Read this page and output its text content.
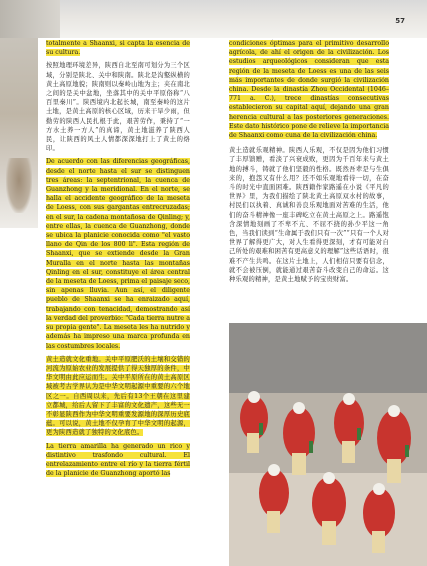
57

totalmente a Shaanxi, si capta la esencia de su cultura.

按照地理环境差异，陕西自北至南可划分为三个区域，分别是陕北、关中和陕南。陕北是沟壑纵横的黄土高原地貌；陕南则以秦岭山地为主；夹在南北之间的是关中盆地，坐落其中的关中平原俗称“八百里秦川”。陕西境内北起长城，南至秦岭的这片土地，是黄土高原的核心区域，历来干旱少雨，但勤劳的陕西人民扎根于此，艰苦劳作，秉持了“一方水土养一方人”的真谛，黄土地滋养了陕西人民，让陕西的风土人情都深深地打上了黄土的烙印。

De acuerdo con las diferencias geográficas, desde el norte hasta el sur se distinguen tres áreas: la septentrional, la cuenca de Guanzhong y la meridional. En el norte, se halla el accidente geográfico de la meseta de Loess, con sus gargantas entrecruzadas; en el sur, la cadena montañosa de Qinling; y, entre ellas, la cuenca de Guanzhong, donde se ubica la planicie conocida como "el vasto llano de Qin de los 800 li". Esta región de Shaanxi, que se extiende desde la Gran Muralla en el norte hasta las montañas Qinling en el sur, constituye el área central de la meseta de Loess, prima el paisaje seco, sin apenas lluvia. Aun así, el diligente pueblo de Shaanxi se ha enraizado aquí, trabajando con tenacidad, demostrando así la verdad del proverbio: "Cada tierra nutre a su propia gente". La meseta les ha nutrido y además ha impreso una marca profunda en las costumbres locales.

黄土造就文化重地。关中平原肥沃的土壤和交错的河流为原始农业的发展提供了得天独厚的条件，中华文明由此应运而生。关中平原所在的黄土高原区域被考古学界认为是中华文明起源中重要的六个地区之一。自西周以来，先后有13个王朝在这里建立都城，给后人留下了丰富的文化遗产，这些无一不彰显陕西作为中华文明重要发源地的深厚历史底蕴。可以说，黄土地不仅孕育了中华文明的起源，更为陕西造就了独特的文化底色。

La tierra amarilla ha generado un rico y distintivo trasfondo cultural. El entrelazamiento entre el río y la tierra fértil de la planicie de Guanzhong aportó las

condiciones óptimas para el primitivo desarrollo agrícola, de ahí el origen de la civilización. Los estudios arqueológicos consideran que esta región de la meseta de Loess es una de las seis más importantes de donde surgió la civilización china. Desde la dinastía Zhou Occidental (1046–771 a. C.), trece dinastías consecutivas establecieron su capital aquí, dejando una gran herencia cultural a las posteriores generaciones. Este dato histórico pone de relieve la importancia de Shaanxi como cuna de la civilización china.

黄土造就乐观精神。陕西人乐观，不仅是因为他们习惯了丰厚馈赠，看淡了兴衰成败，更因为千百年来与黄土地的搏斗，铸就了他们坚毅的性格。既然吾辈是与生俱来的，抱怨又有什么用？还不如乐观地看待一切，在奋斗的时光中直面困难。陕西籍作家路遥在小说《平凡的世界》里，为我们描绘了陕北黄土高原双水村的故事，村民们以执着、真诚和善良乐观地面对苦难的生活，他们的奋斗精神像一座丰碑屹立在黄土高原之上。路遥饱含深情地刻画了不卑不亢、不屈不挠的孙少平这一角色，当我们读到“生命属于我们只有一次”“只有一个人对世界了解得更广大，对人生看得更深刻，才有可能对自己所处的艰难和困苦有更高意义的理解”这些话语时，很难不产生共鸣。在这片土地上，人们相信只要有信念，就不会被压倒，就能通过艰苦奋斗改变自己的命运。这种乐观的精神，是黄土地赋予的宝贵财富。
